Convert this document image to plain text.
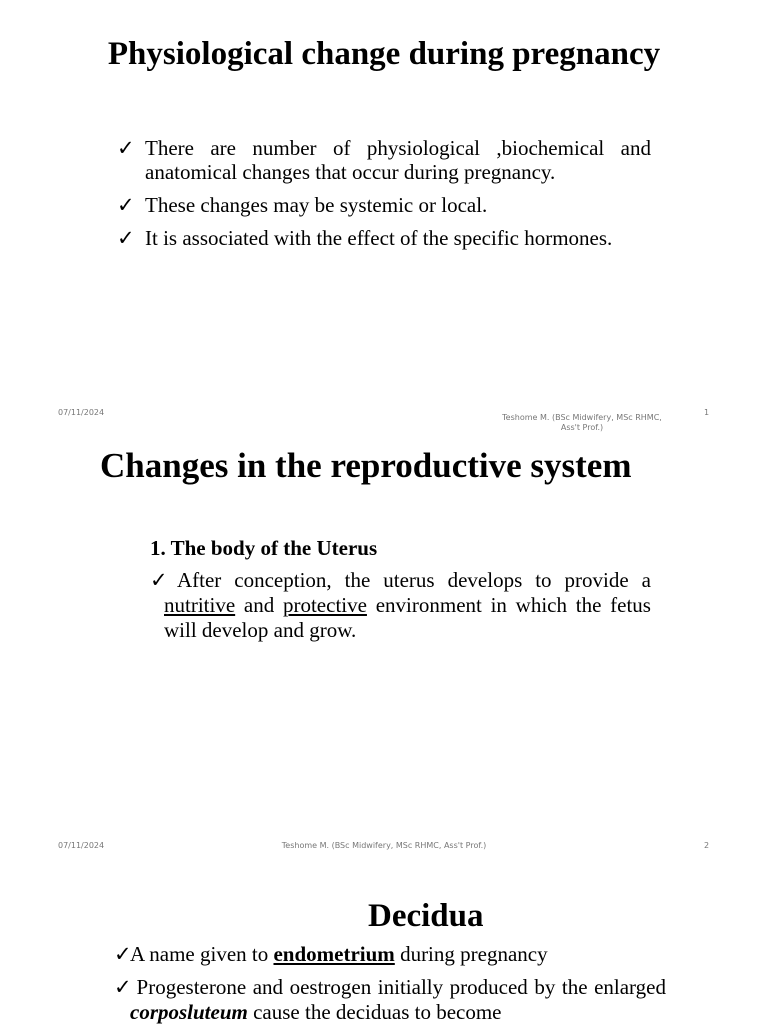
Physiological change during pregnancy
✓ There are number of physiological ,biochemical and anatomical changes that occur during pregnancy.
✓ These changes may be systemic or local.
✓ It is associated with the effect of the specific hormones.
07/11/2024
Teshome M. (BSc Midwifery, MSc RHMC, Ass't Prof.)
1
Changes in the reproductive system
1. The body of the Uterus
✓ After conception, the uterus develops to provide a nutritive and protective environment in which the fetus will develop and grow.
07/11/2024	Teshome M. (BSc Midwifery, MSc RHMC, Ass't Prof.)	2
Decidua
✓
A name given to endometrium during pregnancy
✓ Progesterone and oestrogen initially produced by the enlarged corposluteum cause the deciduas to become
